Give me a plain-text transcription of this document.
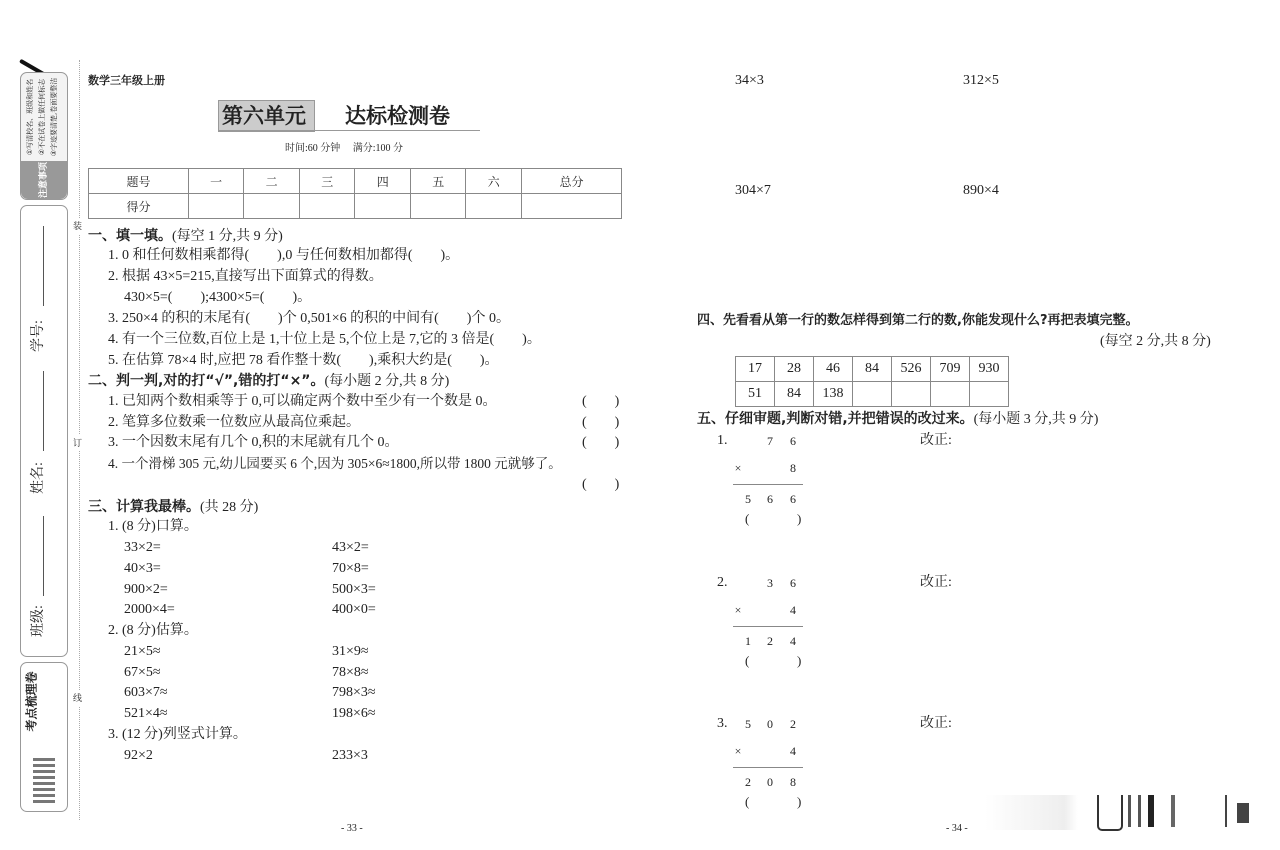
注意事项
①写清校名、班级和姓名 ②不在试卷上做任何标志 ③字迹要清楚,卷面要整洁
学号:
姓名:
班级:
考点梳理卷
装
订
线
数学三年级上册
第六单元 达标检测卷
时间:60 分钟　 满分:100 分
题号	一	二	三	四	五	六	总分
得分							
一、填一填。(每空 1 分,共 9 分)
1. 0 和任何数相乘都得(　　),0 与任何数相加都得(　　)。
2. 根据 43×5=215,直接写出下面算式的得数。
430×5=(　　);4300×5=(　　)。
3. 250×4 的积的末尾有(　　)个 0,501×6 的积的中间有(　　)个 0。
4. 有一个三位数,百位上是 1,十位上是 5,个位上是 7,它的 3 倍是(　　)。
5. 在估算 78×4 时,应把 78 看作整十数(　　),乘积大约是(　　)。
二、判一判,对的打“√”,错的打“×”。(每小题 2 分,共 8 分)
1. 已知两个数相乘等于 0,可以确定两个数中至少有一个数是 0。	(　　)
2. 笔算多位数乘一位数应从最高位乘起。	(　　)
3. 一个因数末尾有几个 0,积的末尾就有几个 0。	(　　)
4. 一个滑梯 305 元,幼儿园要买 6 个,因为 305×6≈1800,所以带 1800 元就够了。
(　　)
三、计算我最棒。(共 28 分)
1. (8 分)口算。
33×2=	43×2=
40×3=	70×8=
900×2=	500×3=
2000×4=	400×0=
2. (8 分)估算。
21×5≈	31×9≈
67×5≈	78×8≈
603×7≈	798×3≈
521×4≈	198×6≈
3. (12 分)列竖式计算。
92×2	233×3
- 33 -
34×3	312×5
304×7	890×4
四、先看看从第一行的数怎样得到第二行的数,你能发现什么?再把表填完整。
(每空 2 分,共 8 分)
17	28	46	84	526	709	930
51	84	138				
五、仔细审题,判断对错,并把错误的改过来。(每小题 3 分,共 9 分)
1.	7	6
×	8
5	6	6
(	)
改正:
2.	3	6
×	4
1	2	4
(	)
改正:
3.	5	0	2
×	4
2	0	8
(	)
改正:
- 34 -
